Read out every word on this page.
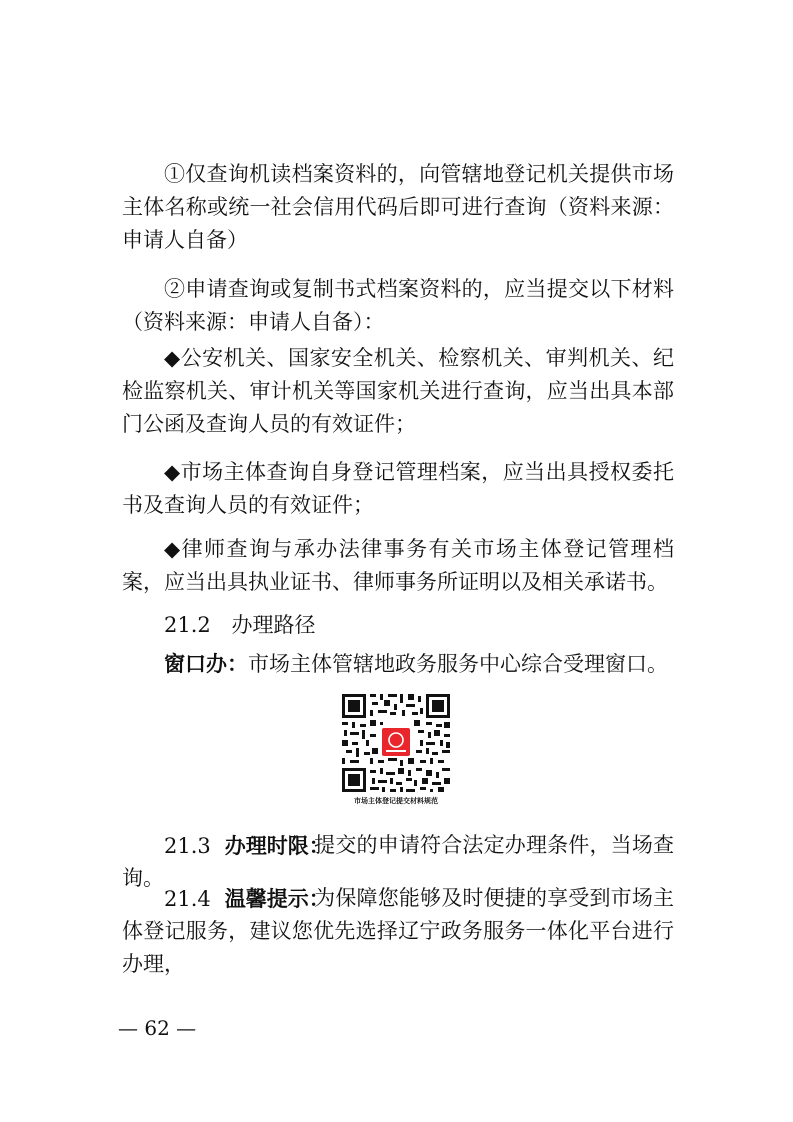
①仅查询机读档案资料的，向管辖地登记机关提供市场主体名称或统一社会信用代码后即可进行查询（资料来源：申请人自备）

②申请查询或复制书式档案资料的，应当提交以下材料（资料来源：申请人自备）：

◆公安机关、国家安全机关、检察机关、审判机关、纪检监察机关、审计机关等国家机关进行查询，应当出具本部门公函及查询人员的有效证件；

◆市场主体查询自身登记管理档案，应当出具授权委托书及查询人员的有效证件；

◆律师查询与承办法律事务有关市场主体登记管理档案，应当出具执业证书、律师事务所证明以及相关承诺书。

21.2 办理路径
窗口办：市场主体管辖地政务服务中心综合受理窗口。
市场主体登记提交材料规范
21.3 办理时限：

提交的申请符合法定办理条件，当场查询。

21.4 温馨提示：

为保障您能够及时便捷的享受到市场主体登记服务，建议您优先选择辽宁政务服务一体化平台进行办理，

— 62 —
